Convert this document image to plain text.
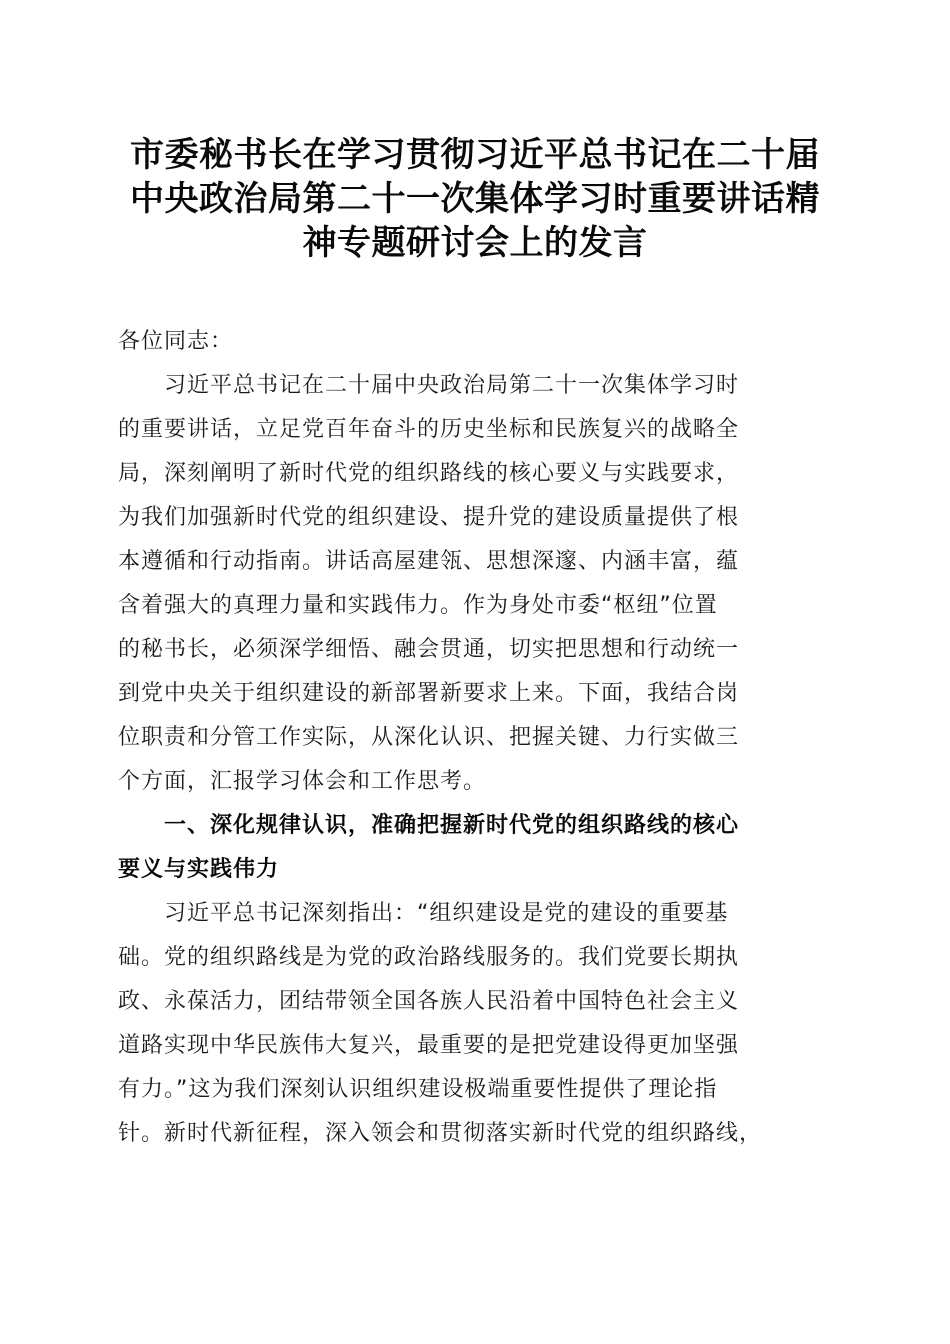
市委秘书长在学习贯彻习近平总书记在二十届
中央政治局第二十一次集体学习时重要讲话精
神专题研讨会上的发言
各位同志：
习近平总书记在二十届中央政治局第二十一次集体学习时
的重要讲话，立足党百年奋斗的历史坐标和民族复兴的战略全
局，深刻阐明了新时代党的组织路线的核心要义与实践要求，
为我们加强新时代党的组织建设、提升党的建设质量提供了根
本遵循和行动指南。讲话高屋建瓴、思想深邃、内涵丰富，蕴
含着强大的真理力量和实践伟力。作为身处市委“枢纽”位置
的秘书长，必须深学细悟、融会贯通，切实把思想和行动统一
到党中央关于组织建设的新部署新要求上来。下面，我结合岗
位职责和分管工作实际，从深化认识、把握关键、力行实做三
个方面，汇报学习体会和工作思考。
一、深化规律认识，准确把握新时代党的组织路线的核心
要义与实践伟力
习近平总书记深刻指出：“组织建设是党的建设的重要基
础。党的组织路线是为党的政治路线服务的。我们党要长期执
政、永葆活力，团结带领全国各族人民沿着中国特色社会主义
道路实现中华民族伟大复兴，最重要的是把党建设得更加坚强
有力。”这为我们深刻认识组织建设极端重要性提供了理论指
针。新时代新征程，深入领会和贯彻落实新时代党的组织路线，
